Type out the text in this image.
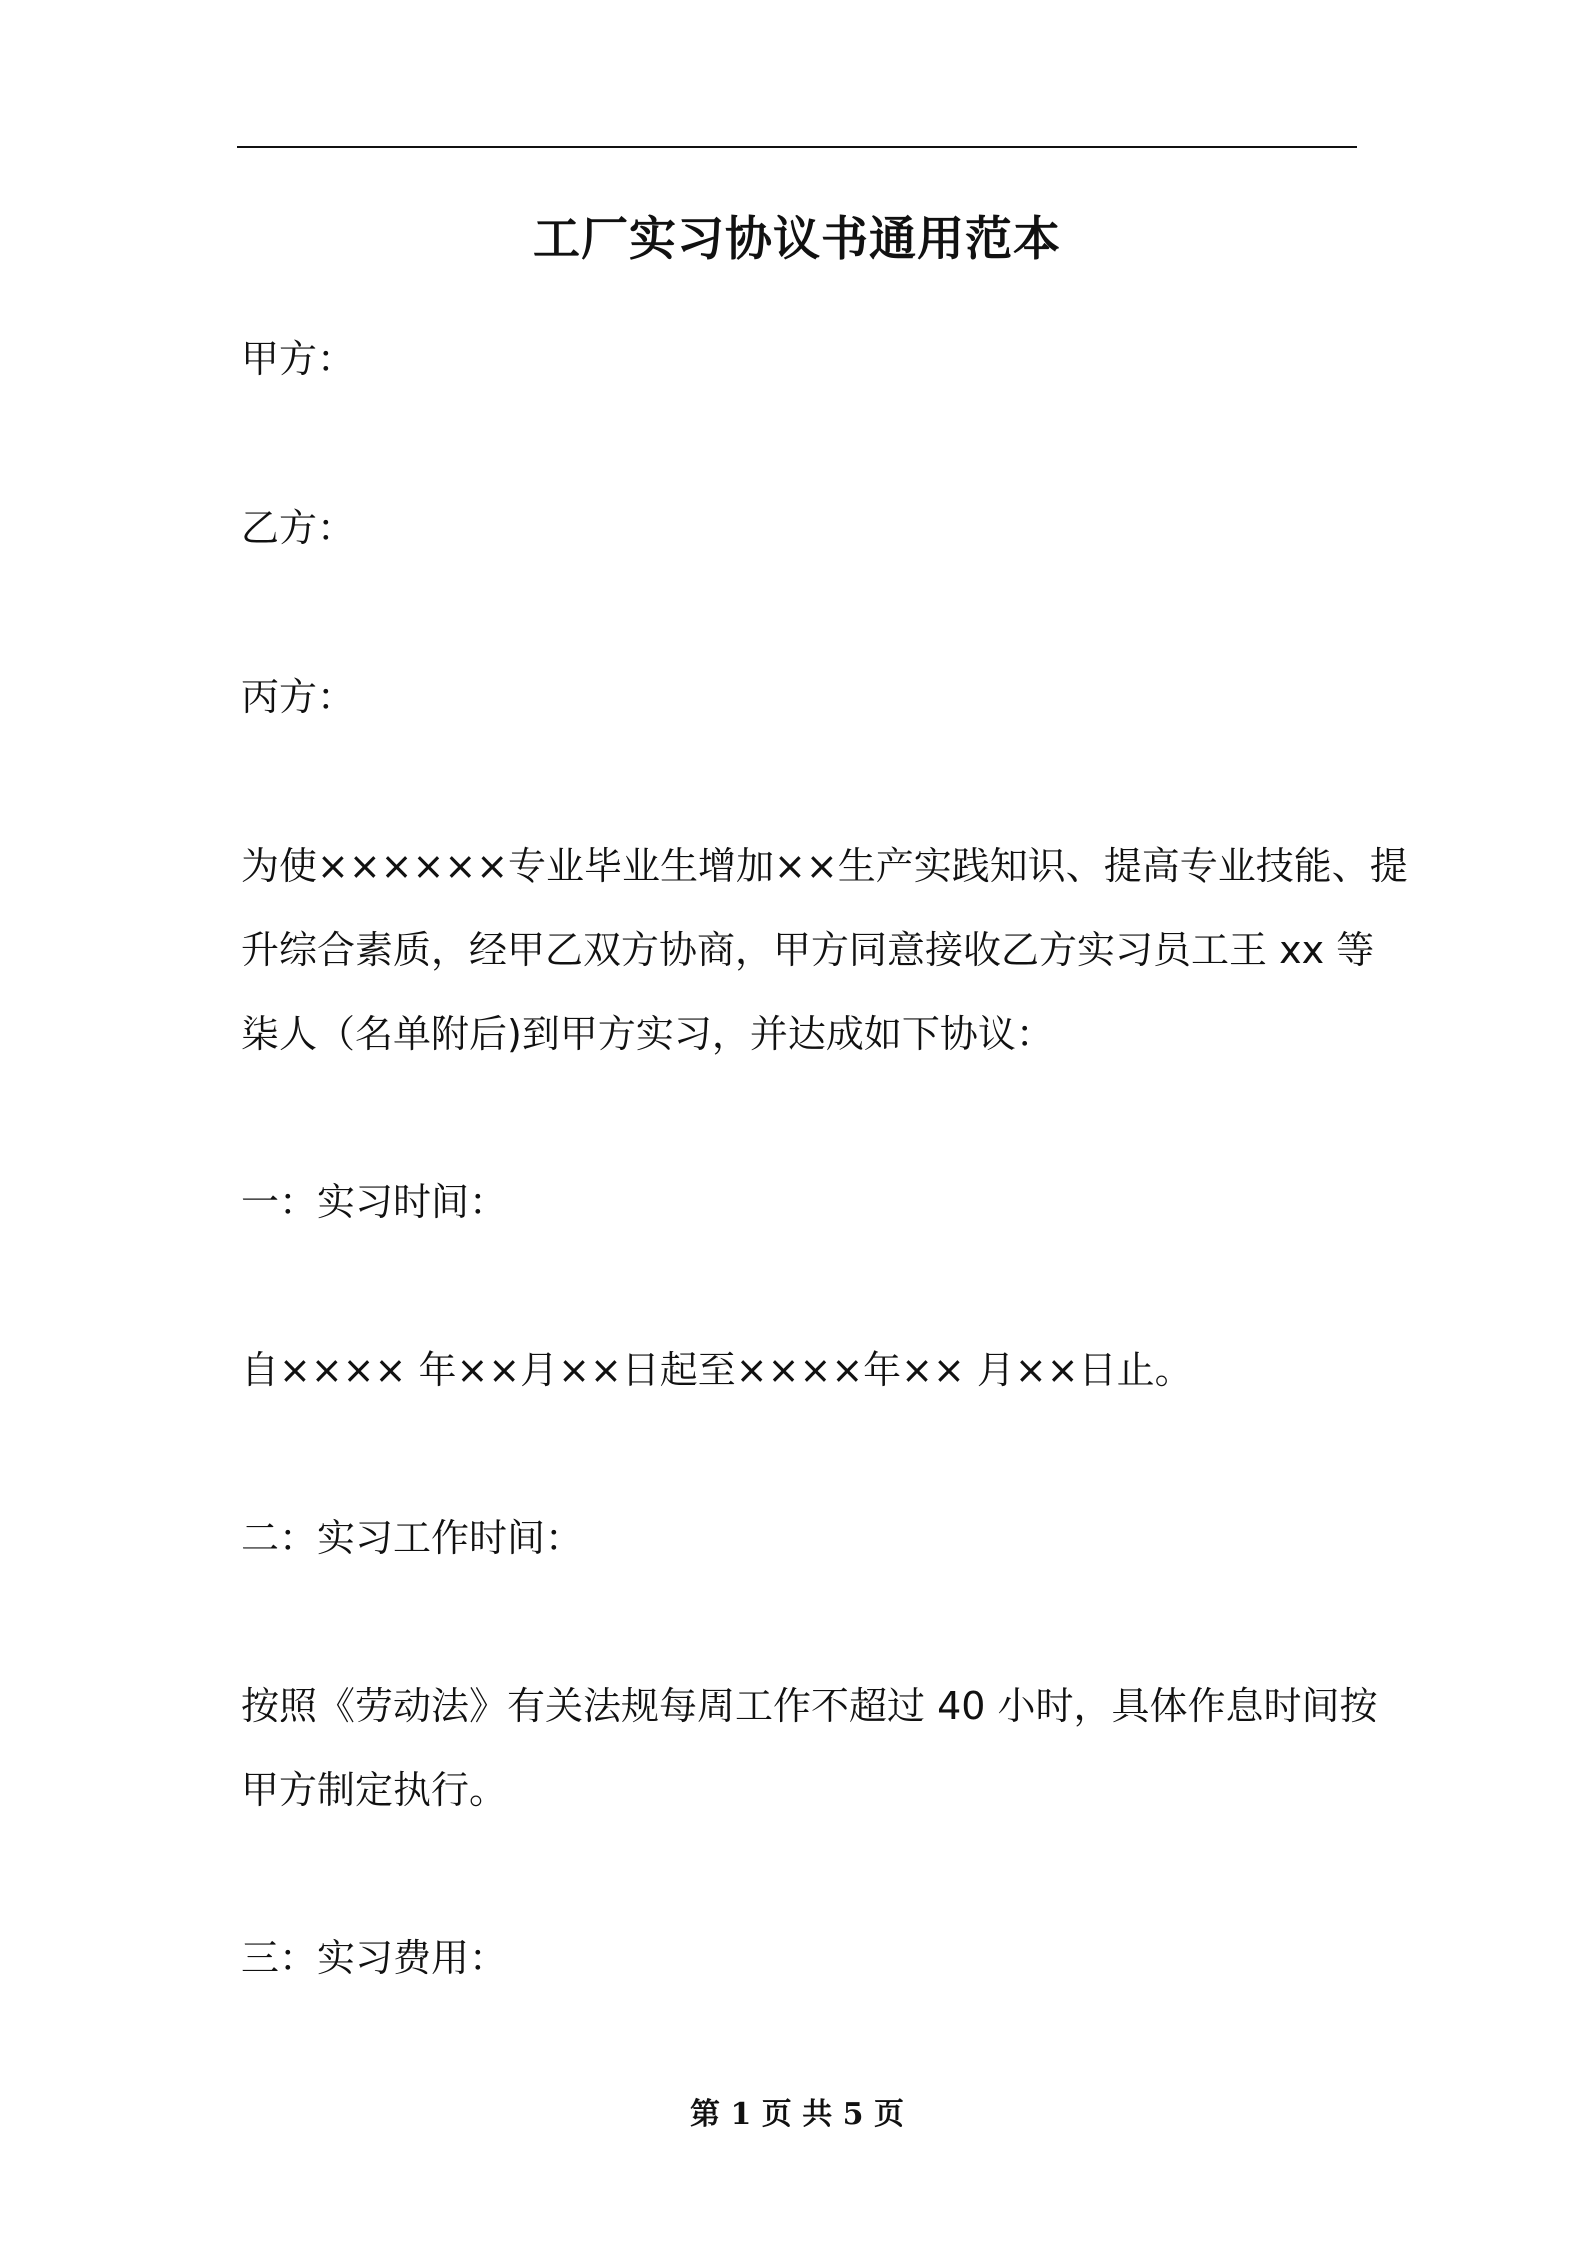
工厂实习协议书通用范本
甲方：
乙方：
丙方：
为使××××××专业毕业生增加××生产实践知识、提高专业技能、提
升综合素质，经甲乙双方协商，甲方同意接收乙方实习员工王 xx 等
柒人（名单附后)到甲方实习，并达成如下协议：
一：实习时间：
自×××× 年××月××日起至××××年×× 月××日止。
二：实习工作时间：
按照《劳动法》有关法规每周工作不超过 40 小时，具体作息时间按
甲方制定执行。
三：实习费用：
第 1 页 共 5 页
